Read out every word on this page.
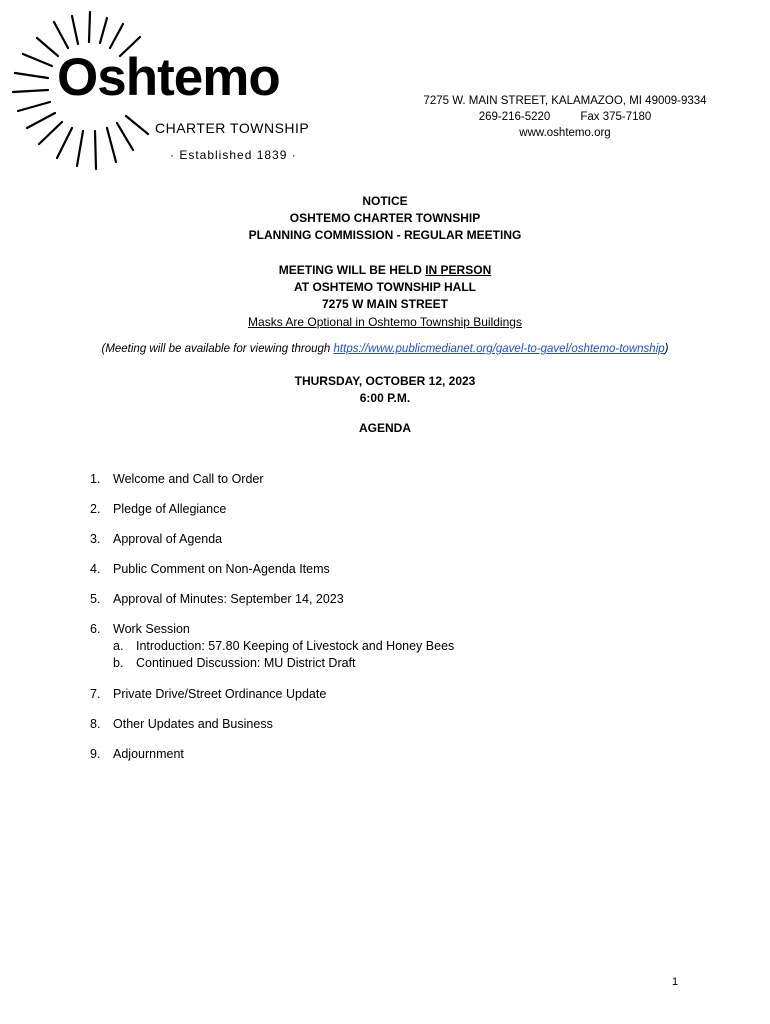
Oshtemo
CHARTER TOWNSHIP
· Established 1839 ·
7275 W. MAIN STREET, KALAMAZOO, MI 49009-9334
269-216-5220	Fax 375-7180
www.oshtemo.org
NOTICE
OSHTEMO CHARTER TOWNSHIP
PLANNING COMMISSION - REGULAR MEETING
MEETING WILL BE HELD IN PERSON
AT OSHTEMO TOWNSHIP HALL
7275 W MAIN STREET
Masks Are Optional in Oshtemo Township Buildings
(Meeting will be available for viewing through https://www.publicmedianet.org/gavel-to-gavel/oshtemo-township)
THURSDAY, OCTOBER 12, 2023
6:00 P.M.
AGENDA
1. Welcome and Call to Order
2. Pledge of Allegiance
3. Approval of Agenda
4. Public Comment on Non-Agenda Items
5. Approval of Minutes: September 14, 2023
6. Work Session
a. Introduction: 57.80 Keeping of Livestock and Honey Bees
b. Continued Discussion: MU District Draft
7. Private Drive/Street Ordinance Update
8. Other Updates and Business
9. Adjournment
1
